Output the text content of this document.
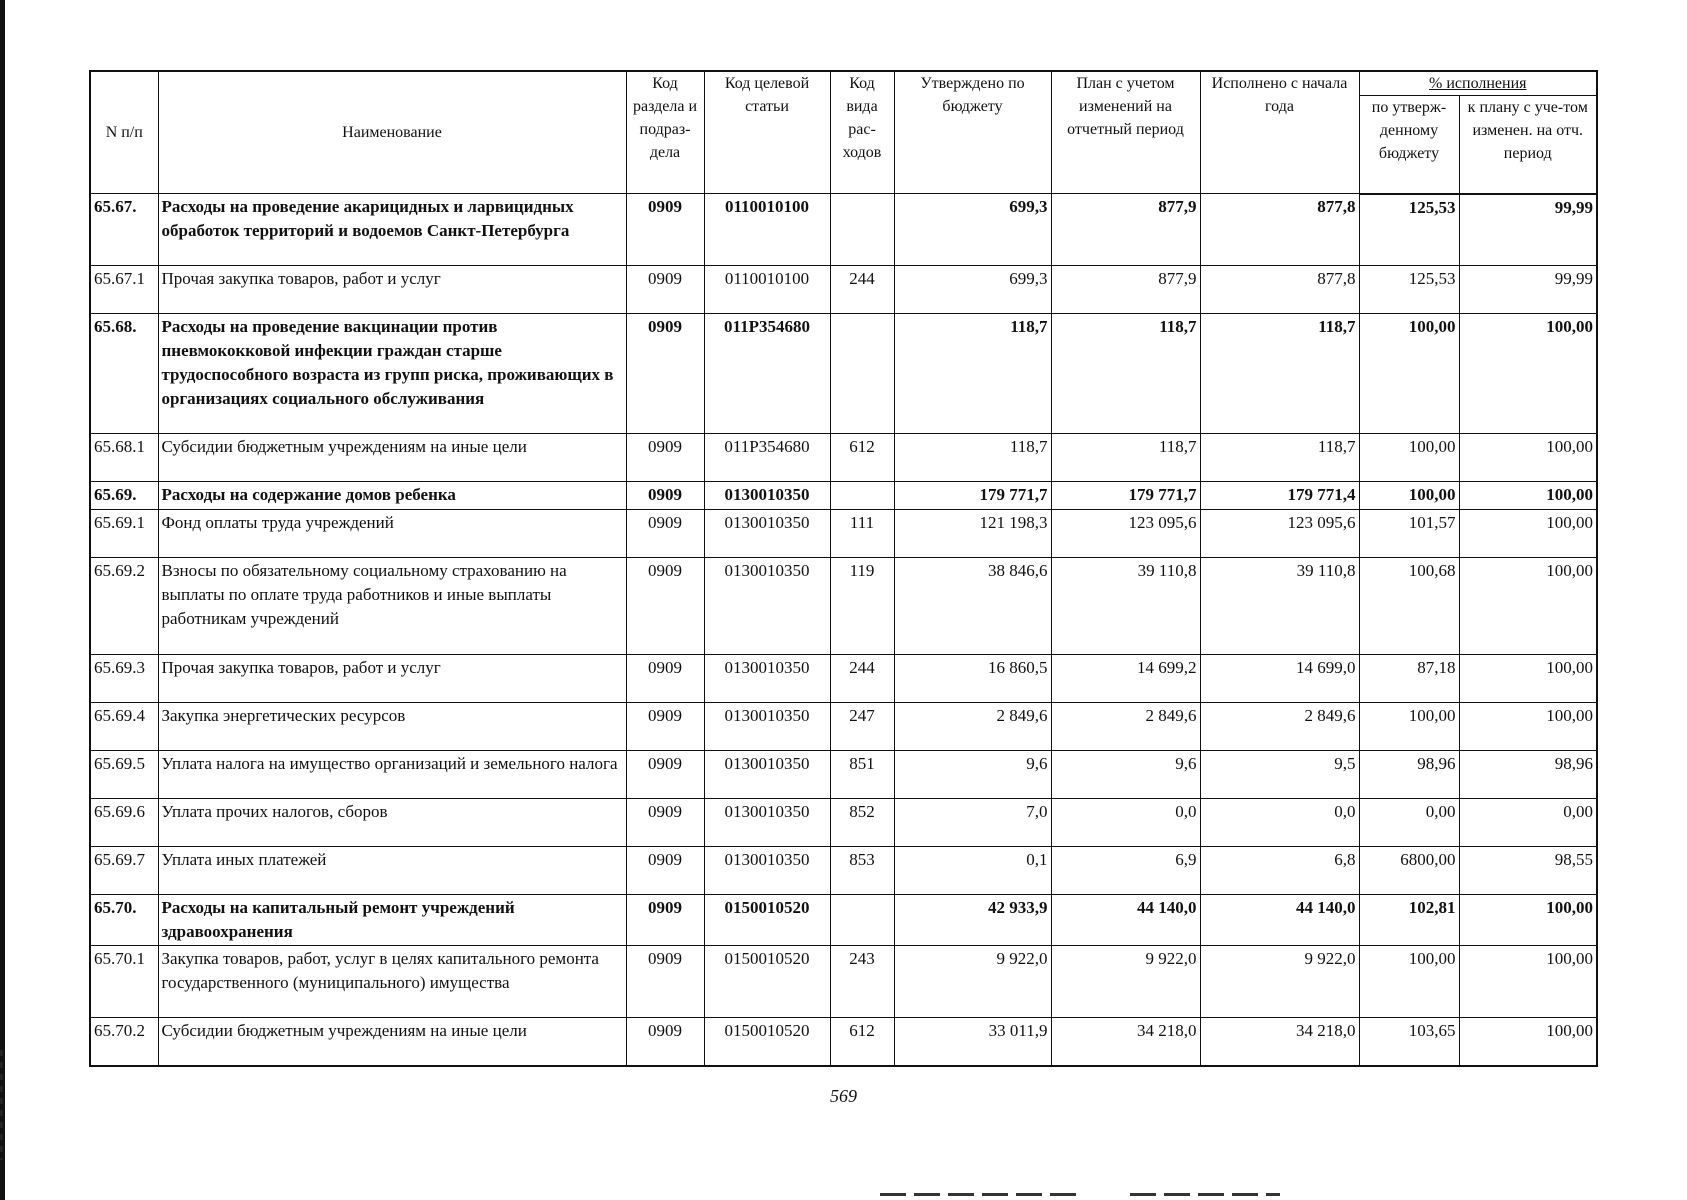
N п/п	Наименование	Код раздела и подраз-дела	Код целевой статьи	Код вида рас-ходов	Утверждено по бюджету	План с учетом изменений на отчетный период	Исполнено с начала года	% исполнения	
								по утверж-денному бюджету	к плану с уче-том изменен. на отч. период
65.67.	Расходы на проведение акарицидных и ларвицидных обработок территорий и водоемов Санкт-Петербурга	0909	0110010100		699,3	877,9	877,8	125,53	99,99
65.67.1	Прочая закупка товаров, работ и услуг	0909	0110010100	244	699,3	877,9	877,8	125,53	99,99
65.68.	Расходы на проведение вакцинации против пневмококковой инфекции граждан старше трудоспособного возраста из групп риска, проживающих в организациях социального обслуживания	0909	011P354680		118,7	118,7	118,7	100,00	100,00
65.68.1	Субсидии бюджетным учреждениям на иные цели	0909	011P354680	612	118,7	118,7	118,7	100,00	100,00
65.69.	Расходы на содержание домов ребенка	0909	0130010350		179 771,7	179 771,7	179 771,4	100,00	100,00
65.69.1	Фонд оплаты труда учреждений	0909	0130010350	111	121 198,3	123 095,6	123 095,6	101,57	100,00
65.69.2	Взносы по обязательному социальному страхованию на выплаты по оплате труда работников и иные выплаты работникам учреждений	0909	0130010350	119	38 846,6	39 110,8	39 110,8	100,68	100,00
65.69.3	Прочая закупка товаров, работ и услуг	0909	0130010350	244	16 860,5	14 699,2	14 699,0	87,18	100,00
65.69.4	Закупка энергетических ресурсов	0909	0130010350	247	2 849,6	2 849,6	2 849,6	100,00	100,00
65.69.5	Уплата налога на имущество организаций и земельного налога	0909	0130010350	851	9,6	9,6	9,5	98,96	98,96
65.69.6	Уплата прочих налогов, сборов	0909	0130010350	852	7,0	0,0	0,0	0,00	0,00
65.69.7	Уплата иных платежей	0909	0130010350	853	0,1	6,9	6,8	6800,00	98,55
65.70.	Расходы на капитальный ремонт учреждений здравоохранения	0909	0150010520		42 933,9	44 140,0	44 140,0	102,81	100,00
65.70.1	Закупка товаров, работ, услуг в целях капитального ремонта государственного (муниципального) имущества	0909	0150010520	243	9 922,0	9 922,0	9 922,0	100,00	100,00
65.70.2	Субсидии бюджетным учреждениям на иные цели	0909	0150010520	612	33 011,9	34 218,0	34 218,0	103,65	100,00
569
